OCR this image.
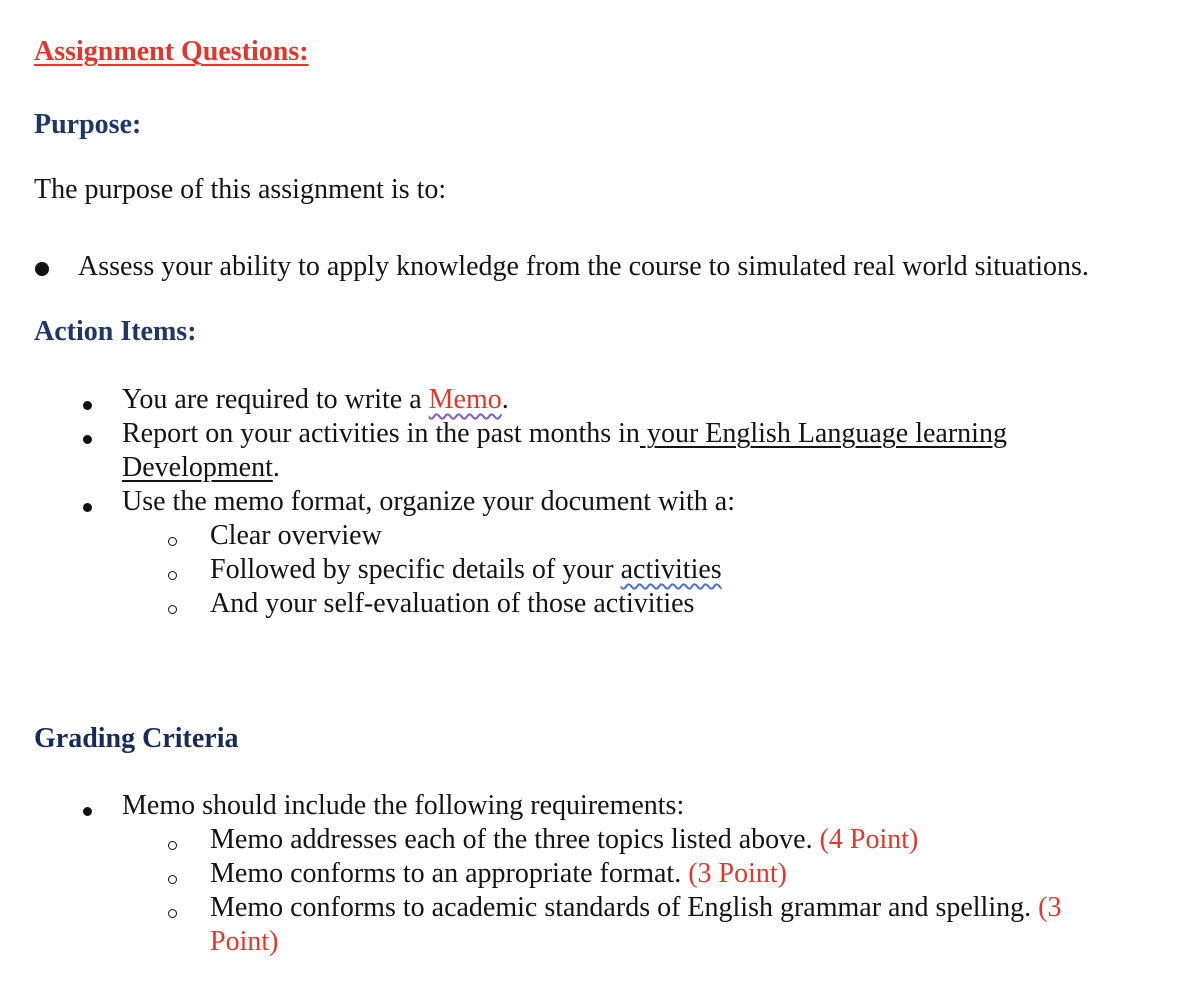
Assignment Questions:
Purpose:
The purpose of this assignment is to:
Assess your ability to apply knowledge from the course to simulated real world situations.
Action Items:
You are required to write a Memo.
Report on your activities in the past months in your English Language learning
Development.
Use the memo format, organize your document with a:
Clear overview
Followed by specific details of your activities
And your self-evaluation of those activities
Grading Criteria
Memo should include the following requirements:
Memo addresses each of the three topics listed above. (4 Point)
Memo conforms to an appropriate format. (3 Point)
Memo conforms to academic standards of English grammar and spelling. (3
Point)
